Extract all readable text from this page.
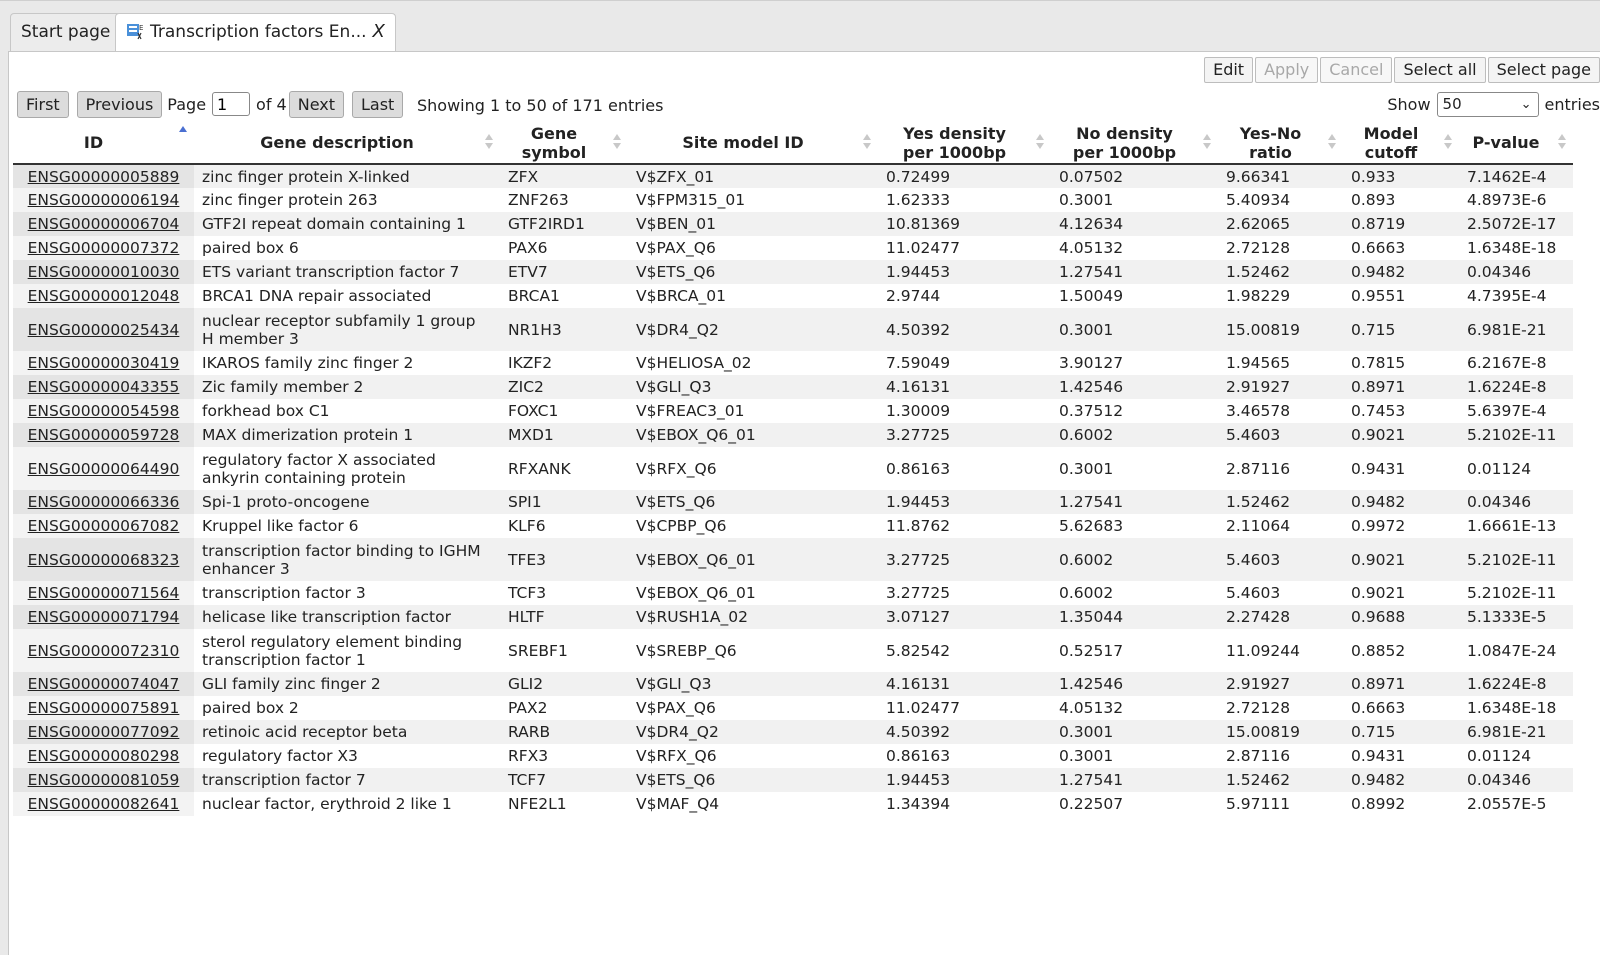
Start page	E Transcription factors En... X
Edit	Apply	Cancel	Select all	Select page
First	Previous Page
1	of 4 Next	Last	Showing 1 to 50 of 171 entries	Show 50	⌄ entries
ID	Gene description	Gene symbol	Site model ID	Yes density per 1000bp	No density per 1000bp	Yes-No ratio	Model cutoff	P-value

ENSG00000005889	zinc finger protein X-linked	ZFX	V$ZFX_01	0.72499	0.07502	9.66341	0.933	7.1462E-4
ENSG00000006194	zinc finger protein 263	ZNF263	V$FPM315_01	1.62333	0.3001	5.40934	0.893	4.8973E-6
ENSG00000006704	GTF2I repeat domain containing 1	GTF2IRD1	V$BEN_01	10.81369	4.12634	2.62065	0.8719	2.5072E-17
ENSG00000007372	paired box 6	PAX6	V$PAX_Q6	11.02477	4.05132	2.72128	0.6663	1.6348E-18
ENSG00000010030	ETS variant transcription factor 7	ETV7	V$ETS_Q6	1.94453	1.27541	1.52462	0.9482	0.04346
ENSG00000012048	BRCA1 DNA repair associated	BRCA1	V$BRCA_01	2.9744	1.50049	1.98229	0.9551	4.7395E-4
ENSG00000025434	nuclear receptor subfamily 1 group H member 3	NR1H3	V$DR4_Q2	4.50392	0.3001	15.00819	0.715	6.981E-21
ENSG00000030419	IKAROS family zinc finger 2	IKZF2	V$HELIOSA_02	7.59049	3.90127	1.94565	0.7815	6.2167E-8
ENSG00000043355	Zic family member 2	ZIC2	V$GLI_Q3	4.16131	1.42546	2.91927	0.8971	1.6224E-8
ENSG00000054598	forkhead box C1	FOXC1	V$FREAC3_01	1.30009	0.37512	3.46578	0.7453	5.6397E-4
ENSG00000059728	MAX dimerization protein 1	MXD1	V$EBOX_Q6_01	3.27725	0.6002	5.4603	0.9021	5.2102E-11
ENSG00000064490	regulatory factor X associated ankyrin containing protein	RFXANK	V$RFX_Q6	0.86163	0.3001	2.87116	0.9431	0.01124
ENSG00000066336	Spi-1 proto-oncogene	SPI1	V$ETS_Q6	1.94453	1.27541	1.52462	0.9482	0.04346
ENSG00000067082	Kruppel like factor 6	KLF6	V$CPBP_Q6	11.8762	5.62683	2.11064	0.9972	1.6661E-13
ENSG00000068323	transcription factor binding to IGHM enhancer 3	TFE3	V$EBOX_Q6_01	3.27725	0.6002	5.4603	0.9021	5.2102E-11
ENSG00000071564	transcription factor 3	TCF3	V$EBOX_Q6_01	3.27725	0.6002	5.4603	0.9021	5.2102E-11
ENSG00000071794	helicase like transcription factor	HLTF	V$RUSH1A_02	3.07127	1.35044	2.27428	0.9688	5.1333E-5
ENSG00000072310	sterol regulatory element binding transcription factor 1	SREBF1	V$SREBP_Q6	5.82542	0.52517	11.09244	0.8852	1.0847E-24
ENSG00000074047	GLI family zinc finger 2	GLI2	V$GLI_Q3	4.16131	1.42546	2.91927	0.8971	1.6224E-8
ENSG00000075891	paired box 2	PAX2	V$PAX_Q6	11.02477	4.05132	2.72128	0.6663	1.6348E-18
ENSG00000077092	retinoic acid receptor beta	RARB	V$DR4_Q2	4.50392	0.3001	15.00819	0.715	6.981E-21
ENSG00000080298	regulatory factor X3	RFX3	V$RFX_Q6	0.86163	0.3001	2.87116	0.9431	0.01124
ENSG00000081059	transcription factor 7	TCF7	V$ETS_Q6	1.94453	1.27541	1.52462	0.9482	0.04346
ENSG00000082641	nuclear factor, erythroid 2 like 1	NFE2L1	V$MAF_Q4	1.34394	0.22507	5.97111	0.8992	2.0557E-5
